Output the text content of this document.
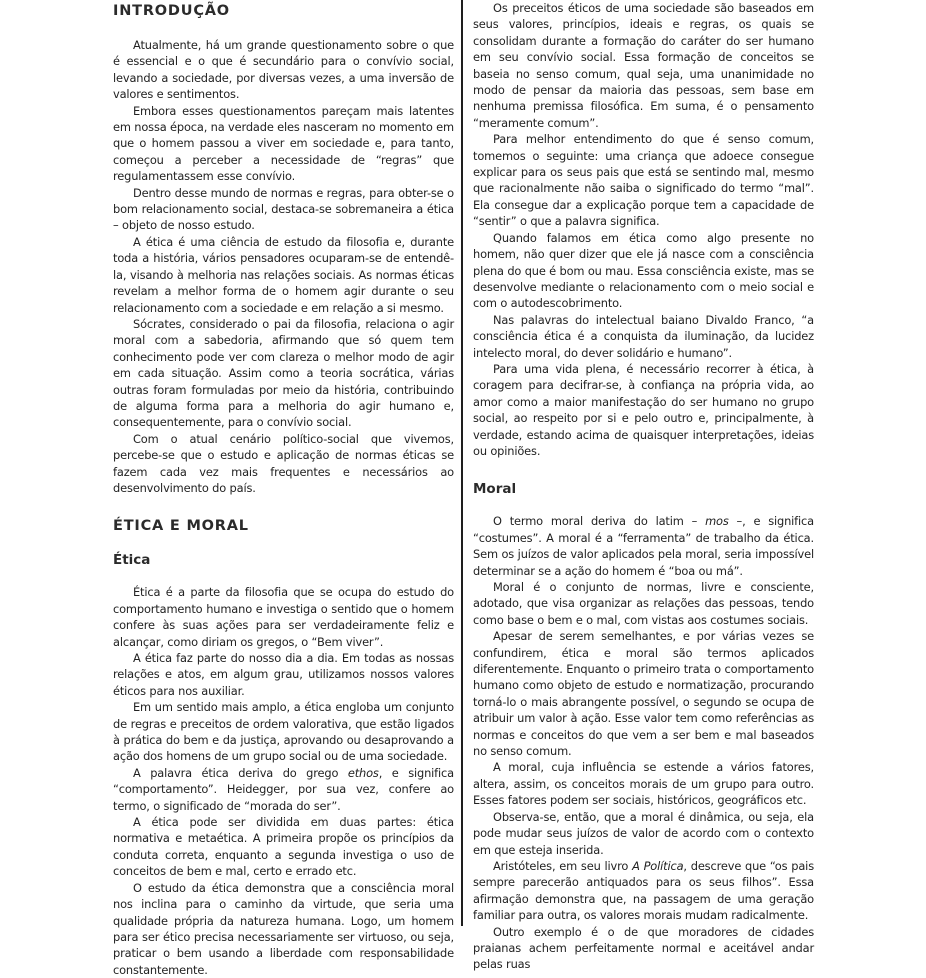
INTRODUÇÃO

Atualmente, há um grande questionamento sobre o que é essencial e o que é secundário para o convívio social, levando a sociedade, por diversas vezes, a uma inversão de valores e sentimentos.

Embora esses questionamentos pareçam mais latentes em nossa época, na verdade eles nasceram no momento em que o homem passou a viver em sociedade e, para tanto, começou a perceber a necessidade de “regras” que regulamentassem esse convívio.

Dentro desse mundo de normas e regras, para obter-se o bom relacionamento social, destaca-se sobremaneira a ética – objeto de nosso estudo.

A ética é uma ciência de estudo da filosofia e, durante toda a história, vários pensadores ocuparam-se de entendê-la, visando à melhoria nas relações sociais. As normas éticas revelam a melhor forma de o homem agir durante o seu relacionamento com a sociedade e em relação a si mesmo.

Sócrates, considerado o pai da filosofia, relaciona o agir moral com a sabedoria, afirmando que só quem tem conhecimento pode ver com clareza o melhor modo de agir em cada situação. Assim como a teoria socrática, várias outras foram formuladas por meio da história, contribuindo de alguma forma para a melhoria do agir humano e, consequentemente, para o convívio social.

Com o atual cenário político-social que vivemos, percebe-se que o estudo e aplicação de normas éticas se fazem cada vez mais frequentes e necessários ao desenvolvimento do país.

ÉTICA E MORAL
Ética

Ética é a parte da filosofia que se ocupa do estudo do comportamento humano e investiga o sentido que o homem confere às suas ações para ser verdadeiramente feliz e alcançar, como diriam os gregos, o “Bem viver”.

A ética faz parte do nosso dia a dia. Em todas as nossas relações e atos, em algum grau, utilizamos nossos valores éticos para nos auxiliar.

Em um sentido mais amplo, a ética engloba um conjunto de regras e preceitos de ordem valorativa, que estão ligados à prática do bem e da justiça, aprovando ou desaprovando a ação dos homens de um grupo social ou de uma sociedade.

A palavra ética deriva do grego ethos, e significa “comportamento”. Heidegger, por sua vez, confere ao termo, o significado de “morada do ser”.

A ética pode ser dividida em duas partes: ética normativa e metaética. A primeira propõe os princípios da conduta correta, enquanto a segunda investiga o uso de conceitos de bem e mal, certo e errado etc.

O estudo da ética demonstra que a consciência moral nos inclina para o caminho da virtude, que seria uma qualidade própria da natureza humana. Logo, um homem para ser ético precisa necessariamente ser virtuoso, ou seja, praticar o bem usando a liberdade com responsabilidade constantemente.

Os preceitos éticos de uma sociedade são baseados em seus valores, princípios, ideais e regras, os quais se consolidam durante a formação do caráter do ser humano em seu convívio social. Essa formação de conceitos se baseia no senso comum, qual seja, uma unanimidade no modo de pensar da maioria das pessoas, sem base em nenhuma premissa filosófica. Em suma, é o pensamento “meramente comum”.

Para melhor entendimento do que é senso comum, tomemos o seguinte: uma criança que adoece consegue explicar para os seus pais que está se sentindo mal, mesmo que racionalmente não saiba o significado do termo “mal”. Ela consegue dar a explicação porque tem a capacidade de “sentir” o que a palavra significa.

Quando falamos em ética como algo presente no homem, não quer dizer que ele já nasce com a consciência plena do que é bom ou mau. Essa consciência existe, mas se desenvolve mediante o relacionamento com o meio social e com o autodescobrimento.

Nas palavras do intelectual baiano Divaldo Franco, “a consciência ética é a conquista da iluminação, da lucidez intelecto moral, do dever solidário e humano”.

Para uma vida plena, é necessário recorrer à ética, à coragem para decifrar-se, à confiança na própria vida, ao amor como a maior manifestação do ser humano no grupo social, ao respeito por si e pelo outro e, principalmente, à verdade, estando acima de quaisquer interpretações, ideias ou opiniões.

Moral

O termo moral deriva do latim – mos –, e significa “costumes”. A moral é a “ferramenta” de trabalho da ética. Sem os juízos de valor aplicados pela moral, seria impossível determinar se a ação do homem é “boa ou má”.

Moral é o conjunto de normas, livre e consciente, adotado, que visa organizar as relações das pessoas, tendo como base o bem e o mal, com vistas aos costumes sociais.

Apesar de serem semelhantes, e por várias vezes se confundirem, ética e moral são termos aplicados diferentemente. Enquanto o primeiro trata o comportamento humano como objeto de estudo e normatização, procurando torná-lo o mais abrangente possível, o segundo se ocupa de atribuir um valor à ação. Esse valor tem como referências as normas e conceitos do que vem a ser bem e mal baseados no senso comum.

A moral, cuja influência se estende a vários fatores, altera, assim, os conceitos morais de um grupo para outro. Esses fatores podem ser sociais, históricos, geográficos etc.

Observa-se, então, que a moral é dinâmica, ou seja, ela pode mudar seus juízos de valor de acordo com o contexto em que esteja inserida.

Aristóteles, em seu livro A Política, descreve que “os pais sempre parecerão antiquados para os seus filhos”. Essa afirmação demonstra que, na passagem de uma geração familiar para outra, os valores morais mudam radicalmente.

Outro exemplo é o de que moradores de cidades praianas achem perfeitamente normal e aceitável andar pelas ruas
